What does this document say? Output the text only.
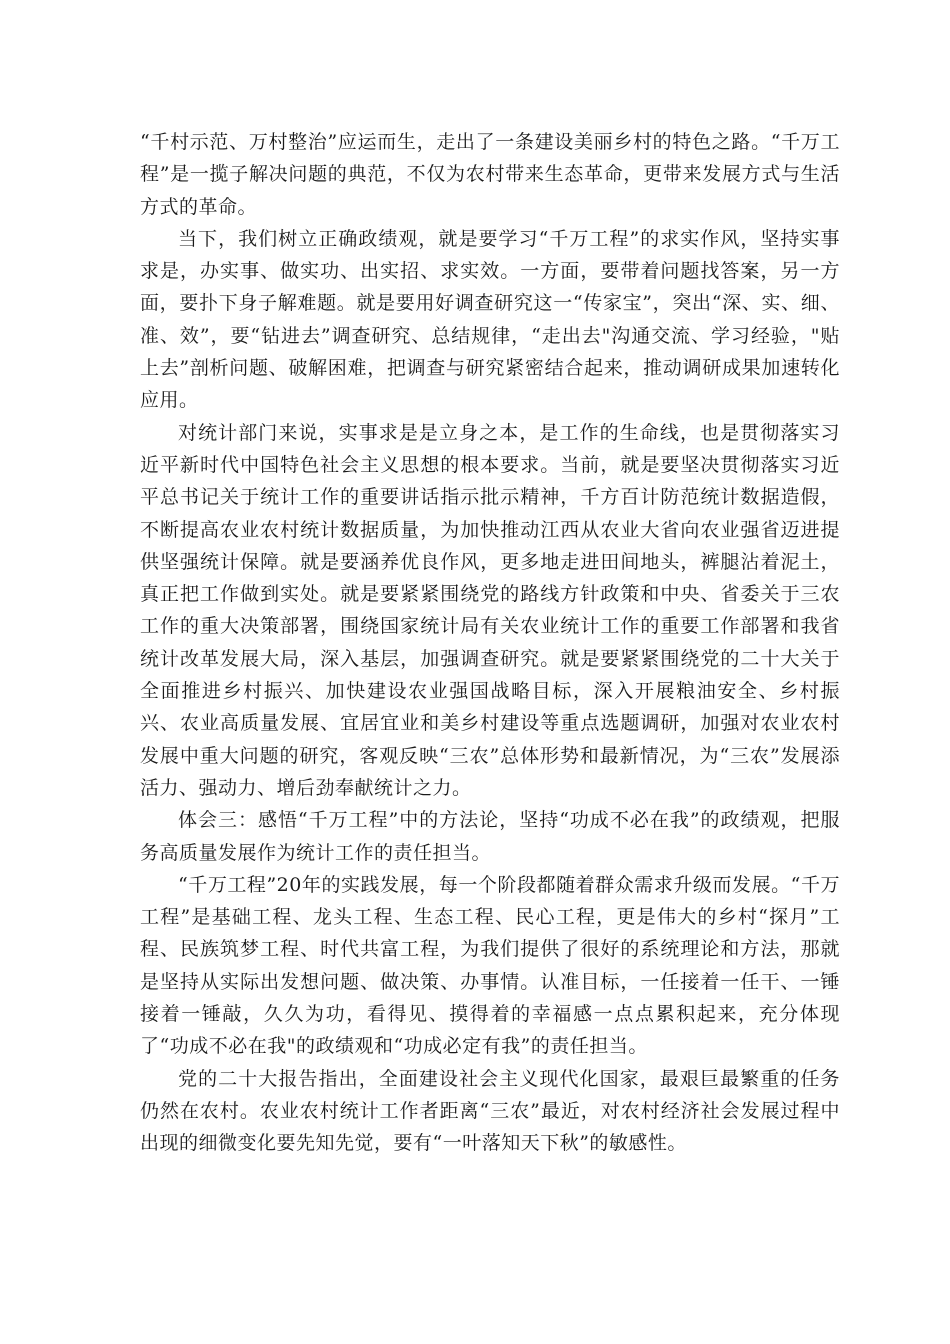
“千村示范、万村整治”应运而生，走出了一条建设美丽乡村的特色之路。“千万工程”是一揽子解决问题的典范，不仅为农村带来生态革命，更带来发展方式与生活方式的革命。

当下，我们树立正确政绩观，就是要学习“千万工程”的求实作风，坚持实事求是，办实事、做实功、出实招、求实效。一方面，要带着问题找答案，另一方面，要扑下身子解难题。就是要用好调查研究这一“传家宝”，突出“深、实、细、准、效”，要“钻进去”调查研究、总结规律，“走出去"沟通交流、学习经验，"贴上去”剖析问题、破解困难，把调查与研究紧密结合起来，推动调研成果加速转化应用。

对统计部门来说，实事求是是立身之本，是工作的生命线，也是贯彻落实习近平新时代中国特色社会主义思想的根本要求。当前，就是要坚决贯彻落实习近平总书记关于统计工作的重要讲话指示批示精神，千方百计防范统计数据造假，不断提高农业农村统计数据质量，为加快推动江西从农业大省向农业强省迈进提供坚强统计保障。就是要涵养优良作风，更多地走进田间地头，裤腿沾着泥土，真正把工作做到实处。就是要紧紧围绕党的路线方针政策和中央、省委关于三农工作的重大决策部署，围绕国家统计局有关农业统计工作的重要工作部署和我省统计改革发展大局，深入基层，加强调查研究。就是要紧紧围绕党的二十大关于全面推进乡村振兴、加快建设农业强国战略目标，深入开展粮油安全、乡村振兴、农业高质量发展、宜居宜业和美乡村建设等重点选题调研，加强对农业农村发展中重大问题的研究，客观反映“三农”总体形势和最新情况，为“三农”发展添活力、强动力、增后劲奉献统计之力。

体会三：感悟“千万工程”中的方法论，坚持“功成不必在我”的政绩观，把服务高质量发展作为统计工作的责任担当。

“千万工程”20年的实践发展，每一个阶段都随着群众需求升级而发展。“千万工程”是基础工程、龙头工程、生态工程、民心工程，更是伟大的乡村“探月”工程、民族筑梦工程、时代共富工程，为我们提供了很好的系统理论和方法，那就是坚持从实际出发想问题、做决策、办事情。认准目标，一任接着一任干、一锤接着一锤敲，久久为功，看得见、摸得着的幸福感一点点累积起来，充分体现了“功成不必在我"的政绩观和“功成必定有我”的责任担当。

党的二十大报告指出，全面建设社会主义现代化国家，最艰巨最繁重的任务仍然在农村。农业农村统计工作者距离“三农”最近，对农村经济社会发展过程中出现的细微变化要先知先觉，要有“一叶落知天下秋”的敏感性。
